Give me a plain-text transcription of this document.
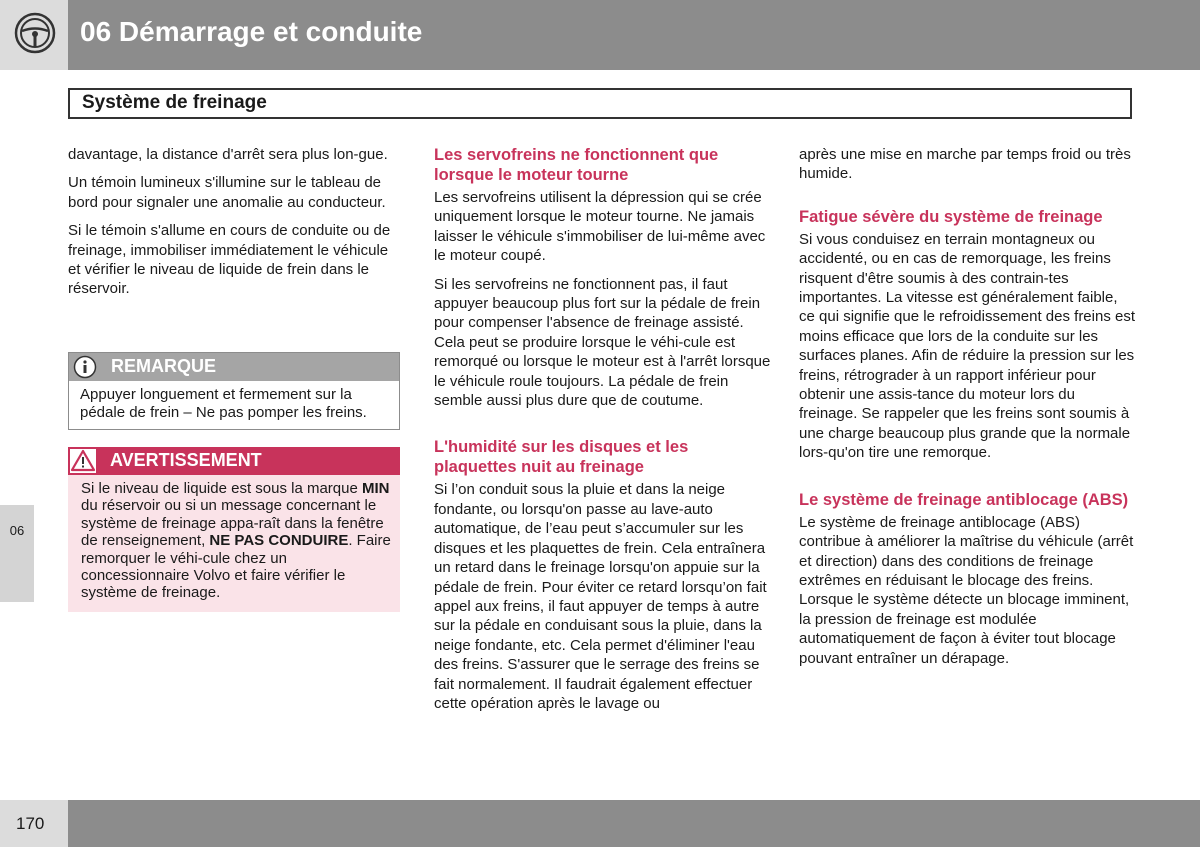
06 Démarrage et conduite
Système de freinage
06

davantage, la distance d'arrêt sera plus lon-gue.

Un témoin lumineux s'illumine sur le tableau de bord pour signaler une anomalie au conducteur.

Si le témoin s'allume en cours de conduite ou de freinage, immobiliser immédiatement le véhicule et vérifier le niveau de liquide de frein dans le réservoir.

REMARQUE
Appuyer longuement et fermement sur la pédale de frein – Ne pas pomper les freins.
AVERTISSEMENT
Si le niveau de liquide est sous la marque MIN du réservoir ou si un message concernant le système de freinage appa-raît dans la fenêtre de renseignement, NE PAS CONDUIRE. Faire remorquer le véhi-cule chez un concessionnaire Volvo et faire vérifier le système de freinage.
Les servofreins ne fonctionnent que lorsque le moteur tourne

Les servofreins utilisent la dépression qui se crée uniquement lorsque le moteur tourne. Ne jamais laisser le véhicule s'immobiliser de lui-même avec le moteur coupé.

Si les servofreins ne fonctionnent pas, il faut appuyer beaucoup plus fort sur la pédale de frein pour compenser l'absence de freinage assisté. Cela peut se produire lorsque le véhi-cule est remorqué ou lorsque le moteur est à l'arrêt lorsque le véhicule roule toujours. La pédale de frein semble aussi plus dure que de coutume.

L'humidité sur les disques et les plaquettes nuit au freinage

Si l’on conduit sous la pluie et dans la neige fondante, ou lorsqu'on passe au lave-auto automatique, de l’eau peut s’accumuler sur les disques et les plaquettes de frein. Cela entraînera un retard dans le freinage lorsqu'on appuie sur la pédale de frein. Pour éviter ce retard lorsqu’on fait appel aux freins, il faut appuyer de temps à autre sur la pédale en conduisant sous la pluie, dans la neige fondante, etc. Cela permet d'éliminer l'eau des freins. S'assurer que le serrage des freins se fait normalement. Il faudrait également effectuer cette opération après le lavage ou

après une mise en marche par temps froid ou très humide.

Fatigue sévère du système de freinage

Si vous conduisez en terrain montagneux ou accidenté, ou en cas de remorquage, les freins risquent d'être soumis à des contrain-tes importantes. La vitesse est généralement faible, ce qui signifie que le refroidissement des freins est moins efficace que lors de la conduite sur les surfaces planes. Afin de réduire la pression sur les freins, rétrograder à un rapport inférieur pour obtenir une assis-tance du moteur lors du freinage. Se rappeler que les freins sont soumis à une charge beaucoup plus grande que la normale lors-qu'on tire une remorque.

Le système de freinage antiblocage (ABS)

Le système de freinage antiblocage (ABS) contribue à améliorer la maîtrise du véhicule (arrêt et direction) dans des conditions de freinage extrêmes en réduisant le blocage des freins. Lorsque le système détecte un blocage imminent, la pression de freinage est modulée automatiquement de façon à éviter tout blocage pouvant entraîner un dérapage.

170
